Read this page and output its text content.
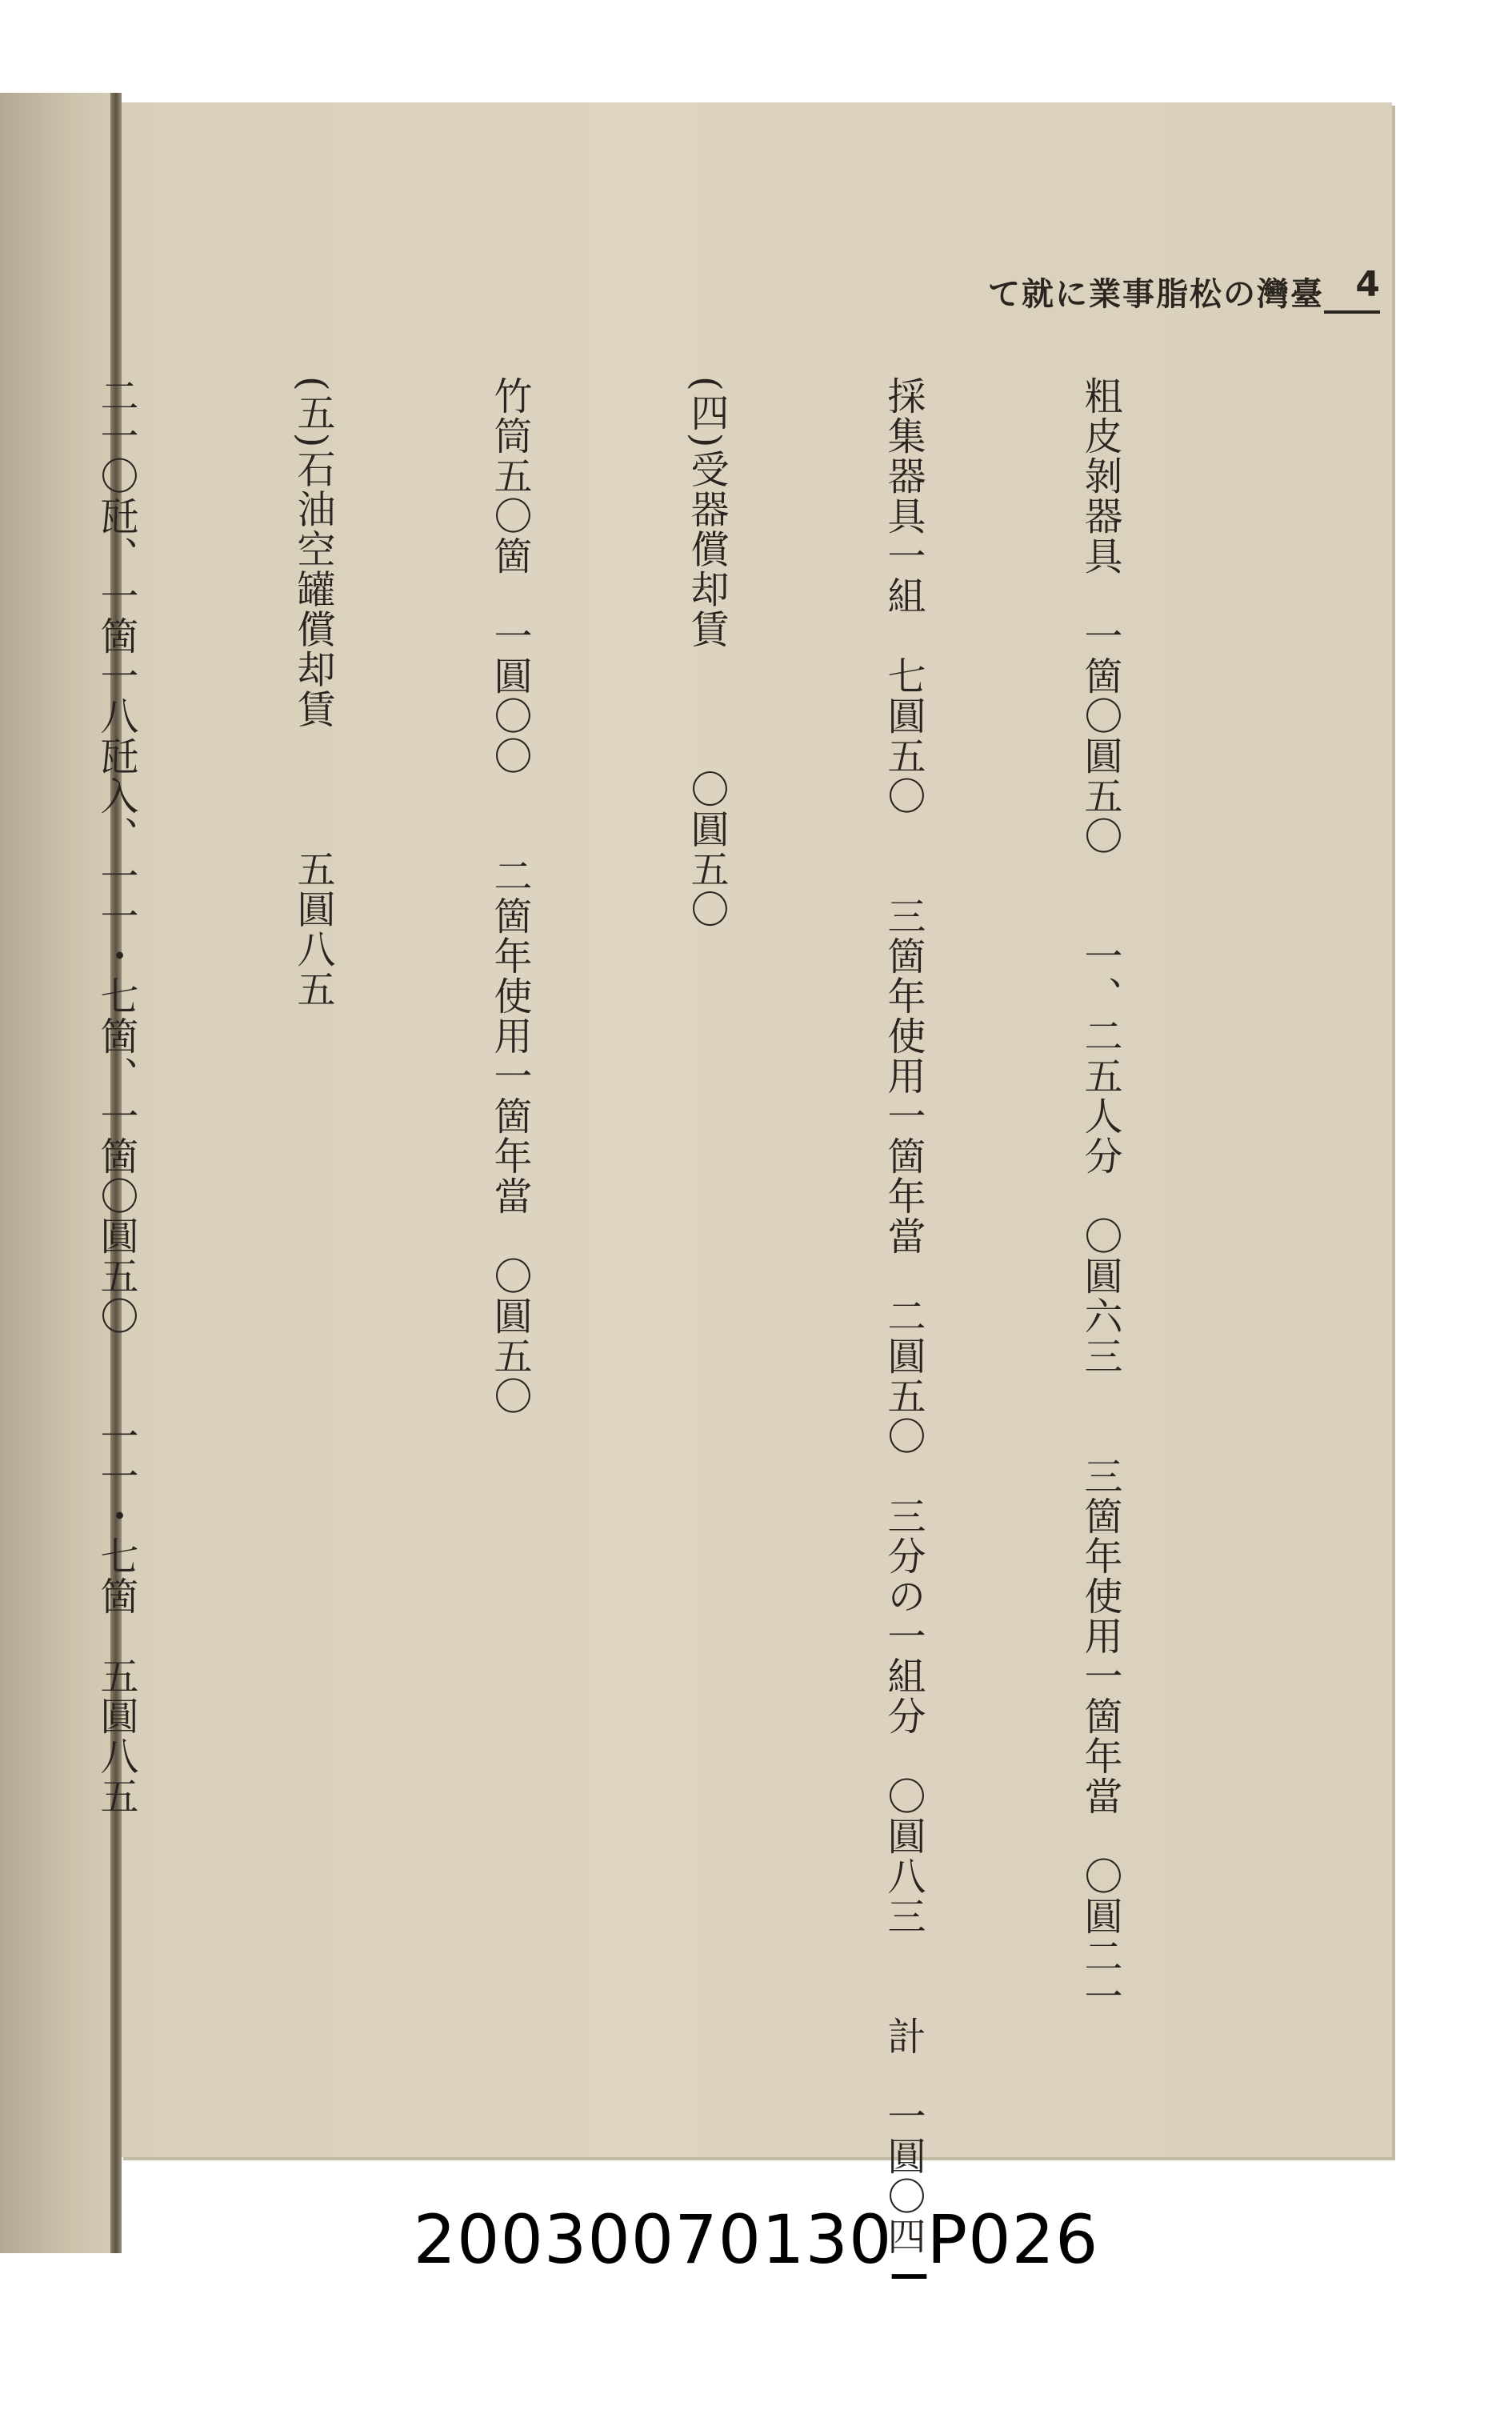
臺灣の松脂事業に就て 4

粗皮剝器具　一箇〇圓五〇　　一、二五人分　〇圓六三　　三箇年使用一箇年當　〇圓二一

採集器具一組　七圓五〇　　三箇年使用一箇年當　二圓五〇　三分の一組分　〇圓八三　　計　一圓〇四

(四)受器償却賃　　　〇圓五〇

竹筒五〇箇　一圓〇〇　　二箇年使用一箇年當　〇圓五〇

(五)石油空罐償却賃　　　五圓八五

二一〇瓩、一箇一八瓩入、一一・七箇、一箇〇圓五〇　　一一・七箇　五圓八五

20030070130_P026
